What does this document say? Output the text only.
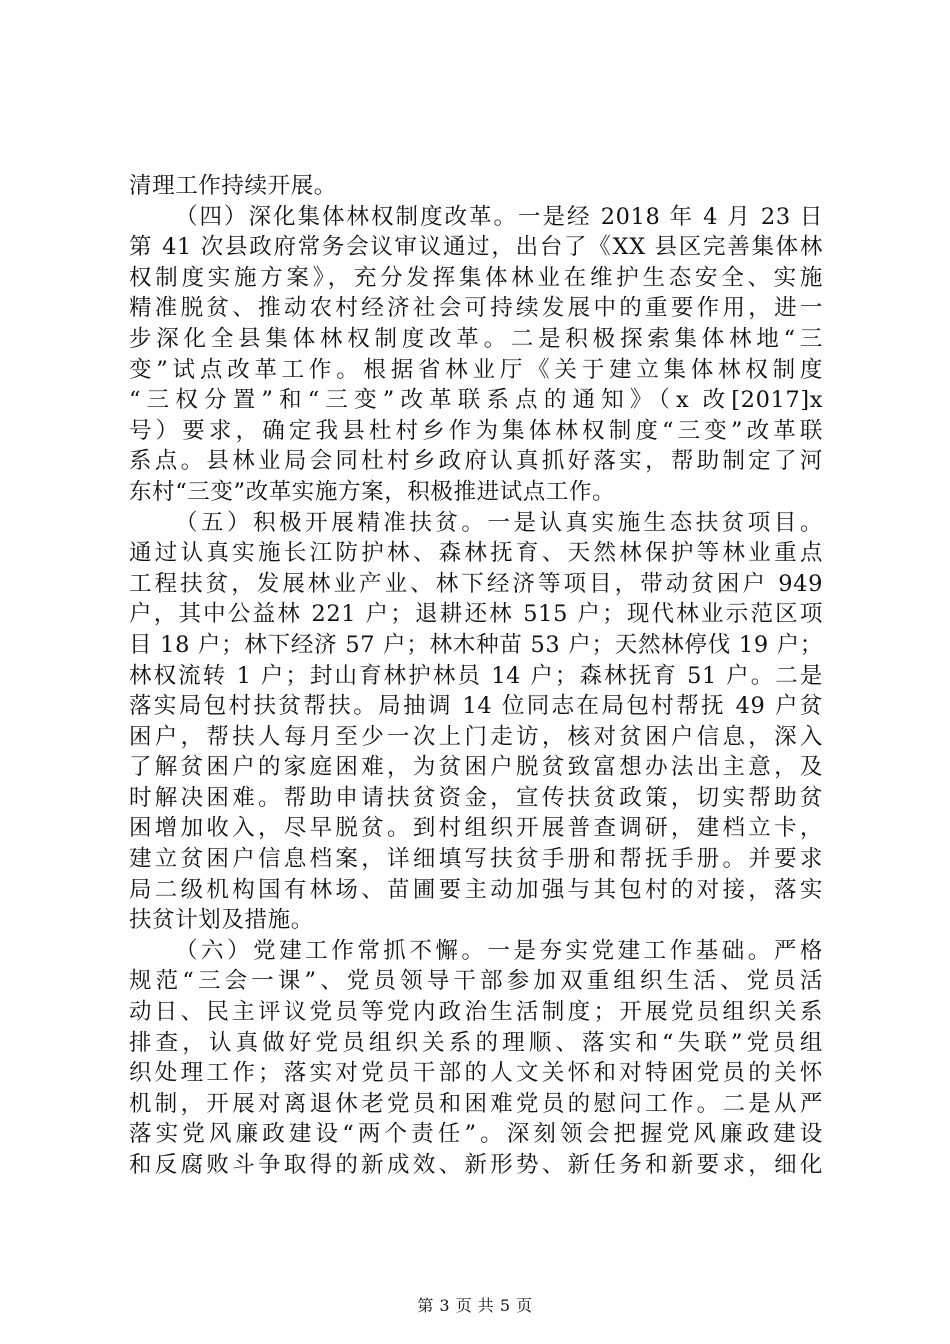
清理工作持续开展。
（四）深化集体林权制度改革。一是经 2018 年 4 月 23 日
第 41 次县政府常务会议审议通过，出台了《XX 县区完善集体林
权制度实施方案》，充分发挥集体林业在维护生态安全、实施
精准脱贫、推动农村经济社会可持续发展中的重要作用，进一
步深化全县集体林权制度改革。二是积极探索集体林地“三
变”试点改革工作。根据省林业厅《关于建立集体林权制度
“三权分置”和“三变”改革联系点的通知》（x 改[2017]x
号）要求，确定我县杜村乡作为集体林权制度“三变”改革联
系点。县林业局会同杜村乡政府认真抓好落实，帮助制定了河
东村“三变”改革实施方案，积极推进试点工作。
（五）积极开展精准扶贫。一是认真实施生态扶贫项目。
通过认真实施长江防护林、森林抚育、天然林保护等林业重点
工程扶贫，发展林业产业、林下经济等项目，带动贫困户 949
户，其中公益林 221 户；退耕还林 515 户；现代林业示范区项
目 18 户；林下经济 57 户；林木种苗 53 户；天然林停伐 19 户；
林权流转 1 户；封山育林护林员 14 户；森林抚育 51 户。二是
落实局包村扶贫帮扶。局抽调 14 位同志在局包村帮抚 49 户贫
困户，帮扶人每月至少一次上门走访，核对贫困户信息，深入
了解贫困户的家庭困难，为贫困户脱贫致富想办法出主意，及
时解决困难。帮助申请扶贫资金，宣传扶贫政策，切实帮助贫
困增加收入，尽早脱贫。到村组织开展普查调研，建档立卡，
建立贫困户信息档案，详细填写扶贫手册和帮抚手册。并要求
局二级机构国有林场、苗圃要主动加强与其包村的对接，落实
扶贫计划及措施。
（六）党建工作常抓不懈。一是夯实党建工作基础。严格
规范“三会一课”、党员领导干部参加双重组织生活、党员活
动日、民主评议党员等党内政治生活制度；开展党员组织关系
排查，认真做好党员组织关系的理顺、落实和“失联”党员组
织处理工作；落实对党员干部的人文关怀和对特困党员的关怀
机制，开展对离退休老党员和困难党员的慰问工作。二是从严
落实党风廉政建设“两个责任”。深刻领会把握党风廉政建设
和反腐败斗争取得的新成效、新形势、新任务和新要求，细化
第 3 页 共 5 页
